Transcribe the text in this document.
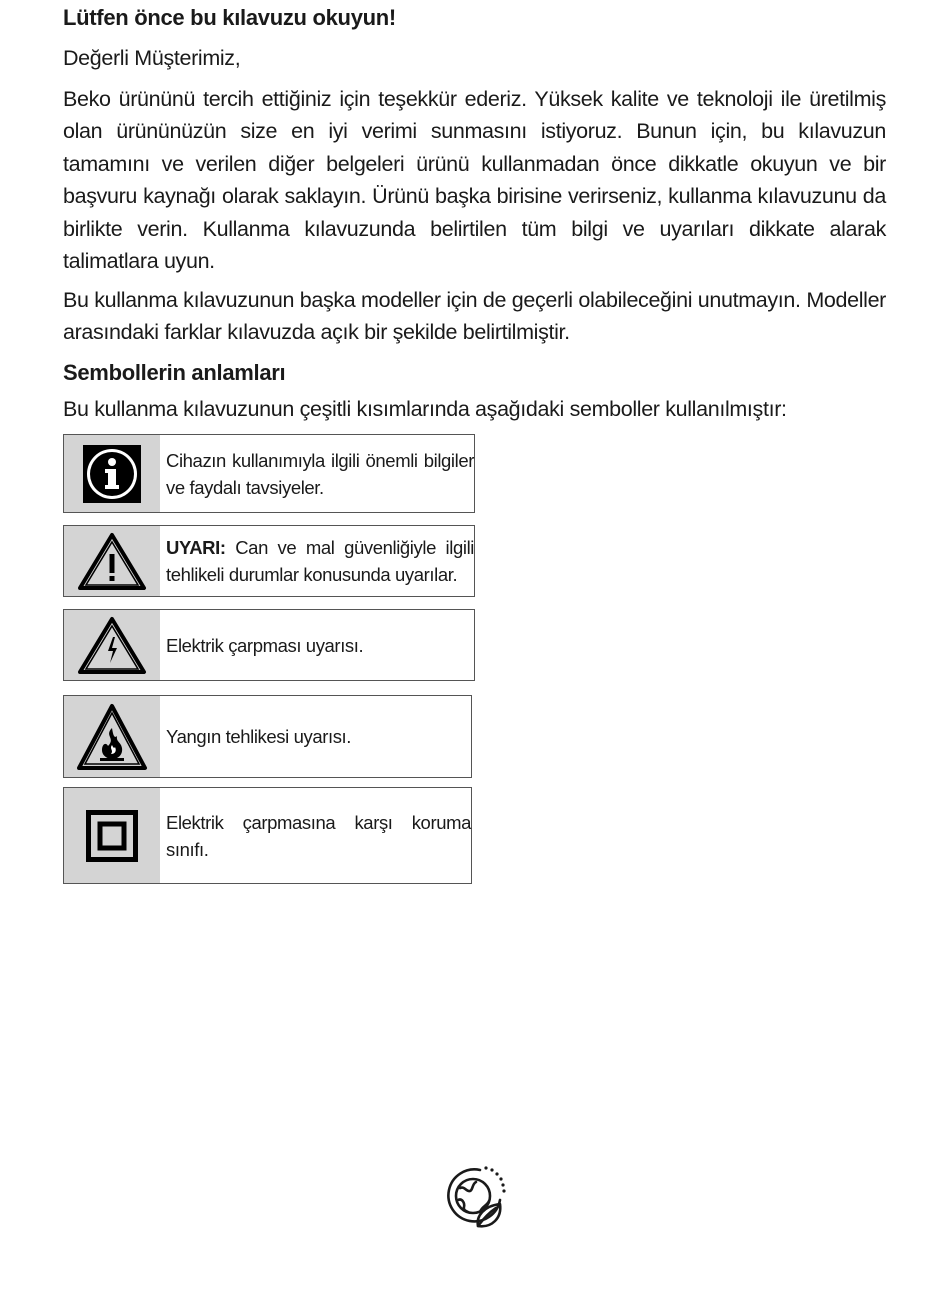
Lütfen önce bu kılavuzu okuyun!

Değerli Müşterimiz,

Beko ürününü tercih ettiğiniz için teşekkür ederiz. Yüksek kalite ve teknoloji ile üretilmiş olan ürününüzün size en iyi verimi sunmasını istiyoruz. Bunun için, bu kılavuzun tamamını ve verilen diğer belgeleri ürünü kullanmadan önce dikkatle okuyun ve bir başvuru kaynağı olarak saklayın. Ürünü başka birisine verirseniz, kullanma kılavuzunu da birlikte verin. Kullanma kılavuzunda belirtilen tüm bilgi ve uyarıları dikkate alarak talimatlara uyun.

Bu kullanma kılavuzunun başka modeller için de geçerli olabileceğini unutmayın. Modeller arasındaki farklar kılavuzda açık bir şekilde belirtilmiştir.

Sembollerin anlamları

Bu kullanma kılavuzunun çeşitli kısımlarında aşağıdaki semboller kullanılmıştır:

Cihazın kullanımıyla ilgili önemli bilgiler ve faydalı tavsiyeler.
UYARI: Can ve mal güvenliğiyle ilgili tehlikeli durumlar konusunda uyarılar.
Elektrik çarpması uyarısı.
Yangın tehlikesi uyarısı.
Elektrik çarpmasına karşı koruma sınıfı.
